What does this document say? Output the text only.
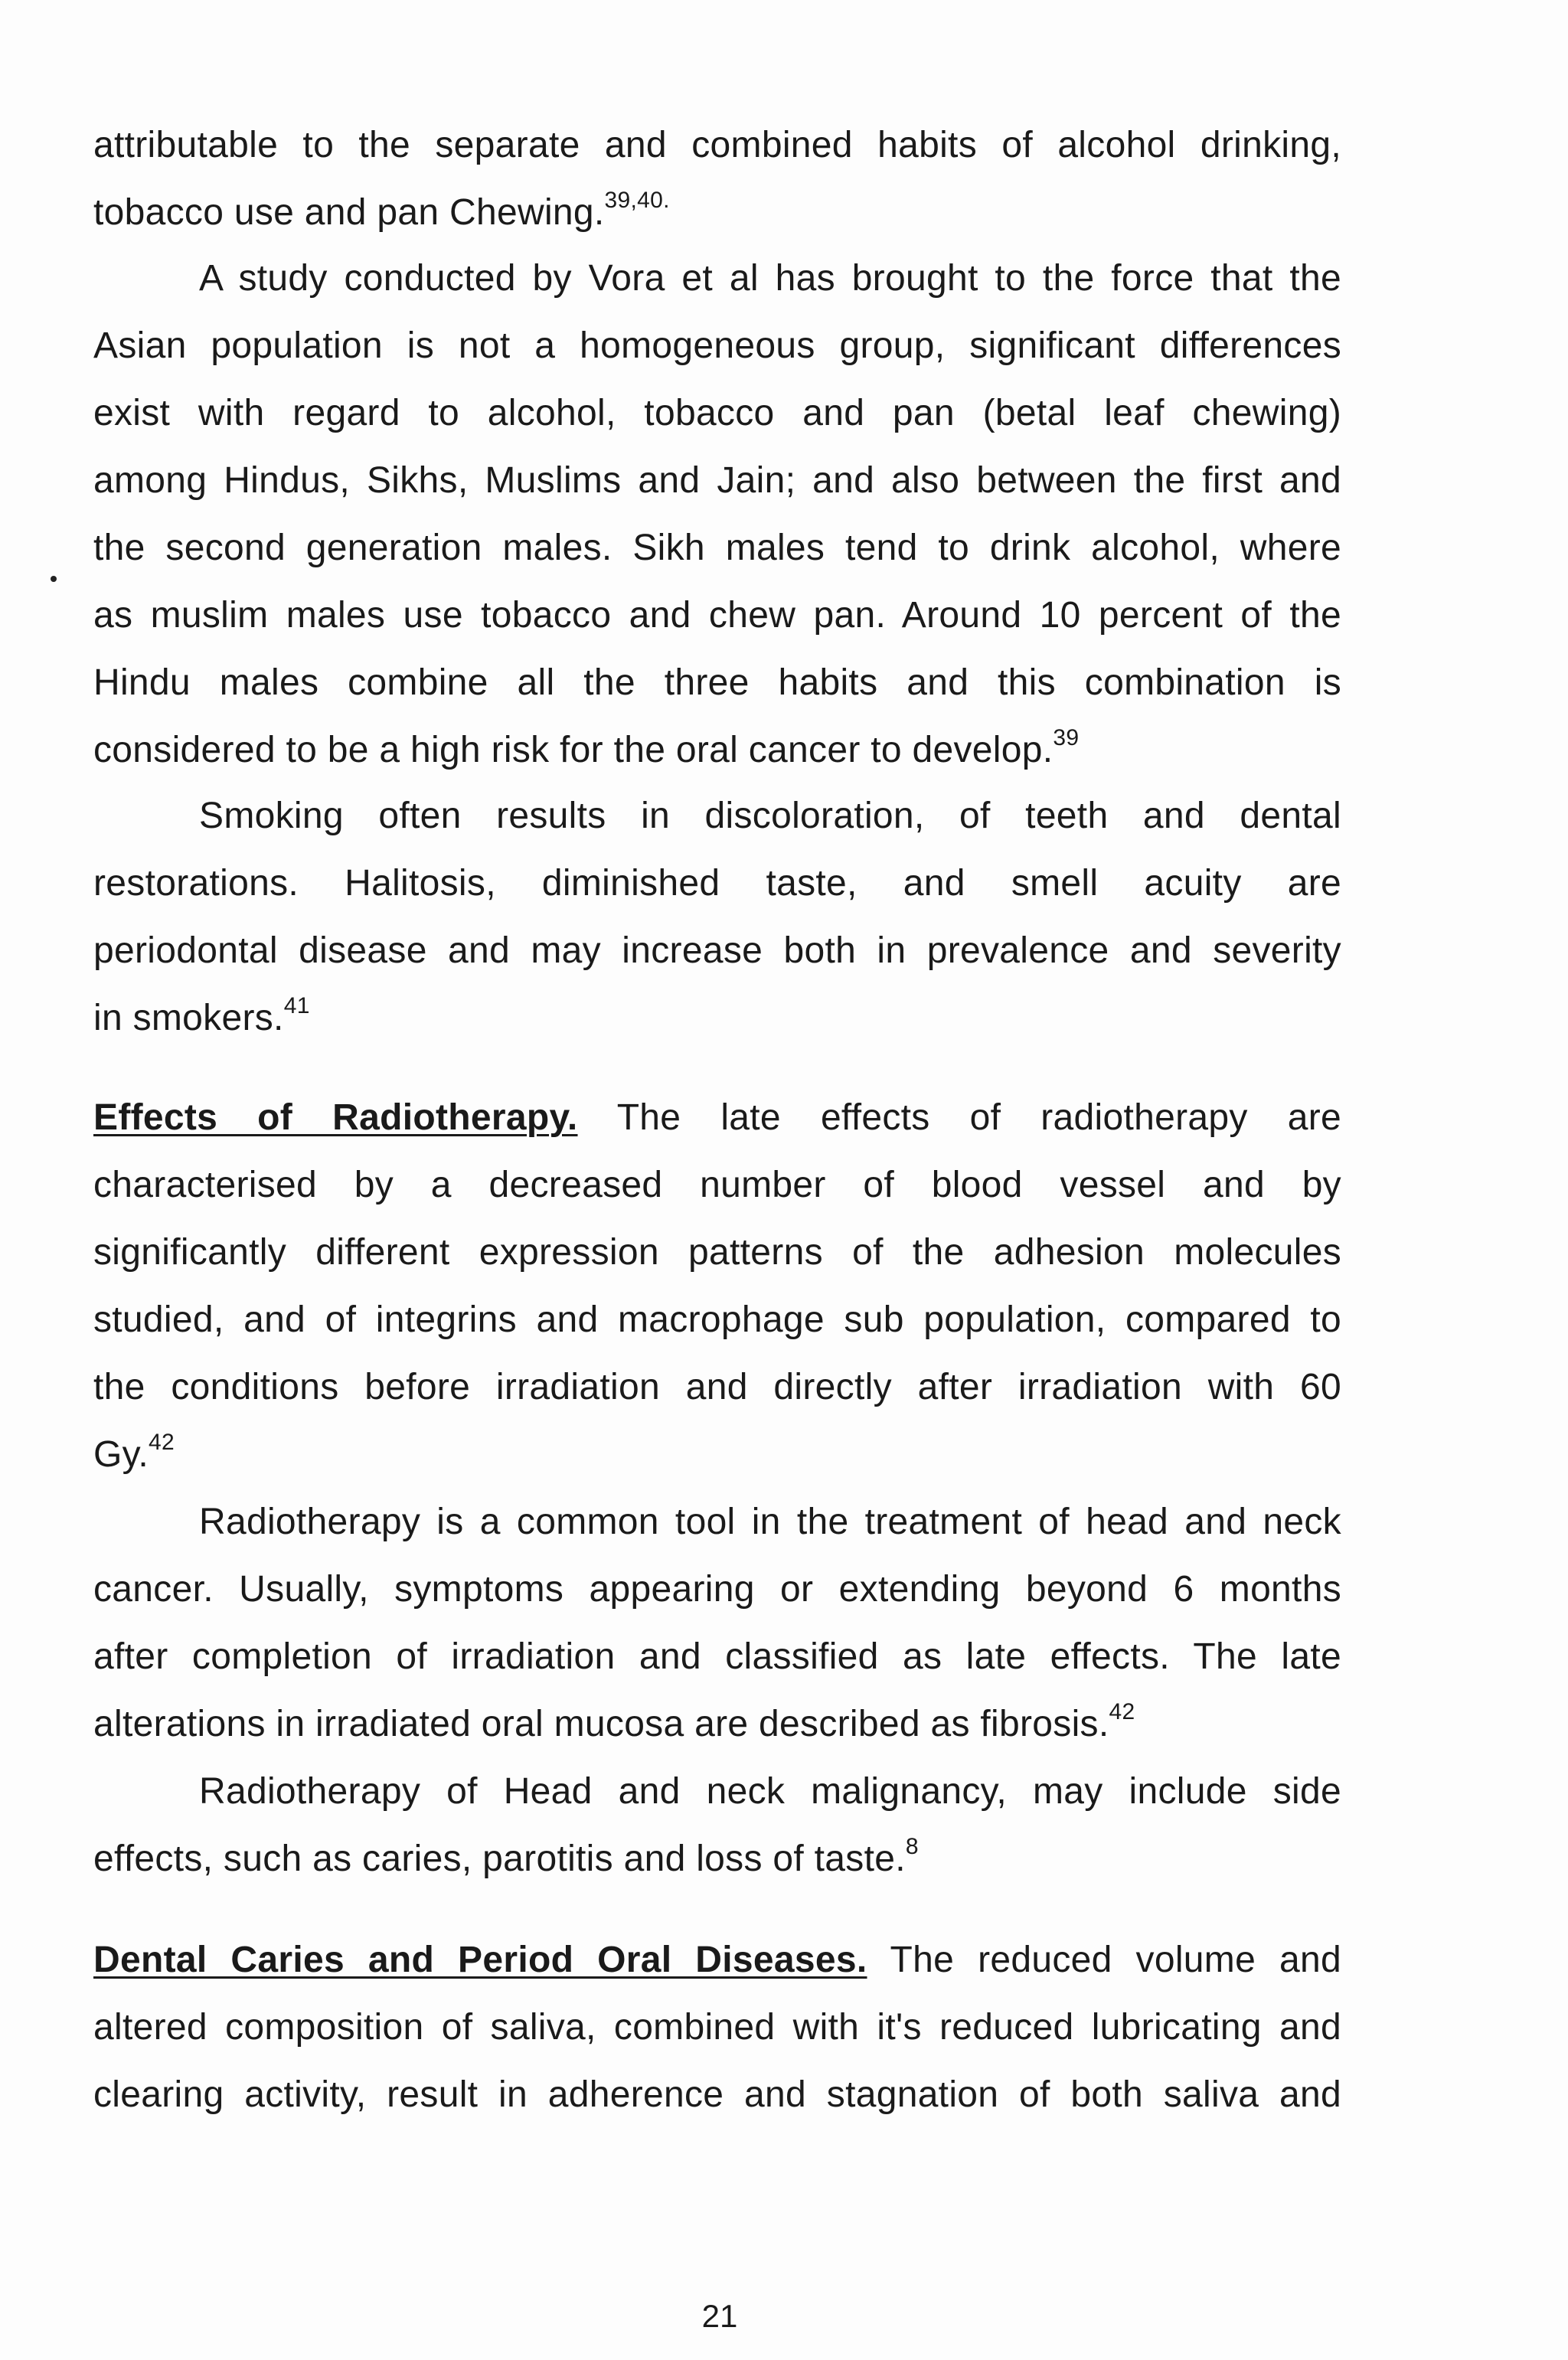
attributable to the separate and combined habits of alcohol drinking,
tobacco use and pan Chewing.$^{39,40.}$
A study conducted by Vora et al has brought to the force that the
Asian population is not a homogeneous group, significant differences
exist with regard to alcohol, tobacco and pan (betal leaf chewing)
among Hindus, Sikhs, Muslims and Jain; and also between the first and
the second generation males. Sikh males tend to drink alcohol, where
as muslim males use tobacco and chew pan. Around 10 percent of the
Hindu males combine all the three habits and this combination is
considered to be a high risk for the oral cancer to develop.$^{39}$
Smoking often results in discoloration, of teeth and dental
restorations. Halitosis, diminished taste, and smell acuity are
periodontal disease and may increase both in prevalence and severity
in smokers.$^{41}$
Effects of Radiotherapy. The late effects of radiotherapy are
characterised by a decreased number of blood vessel and by
significantly different expression patterns of the adhesion molecules
studied, and of integrins and macrophage sub population, compared to
the conditions before irradiation and directly after irradiation with 60
Gy.$^{42}$
Radiotherapy is a common tool in the treatment of head and neck
cancer. Usually, symptoms appearing or extending beyond 6 months
after completion of irradiation and classified as late effects. The late
alterations in irradiated oral mucosa are described as fibrosis.$^{42}$
Radiotherapy of Head and neck malignancy, may include side
effects, such as caries, parotitis and loss of taste.$^8$
Dental Caries and Period Oral Diseases. The reduced volume and
altered composition of saliva, combined with it's reduced lubricating and
clearing activity, result in adherence and stagnation of both saliva and
21
